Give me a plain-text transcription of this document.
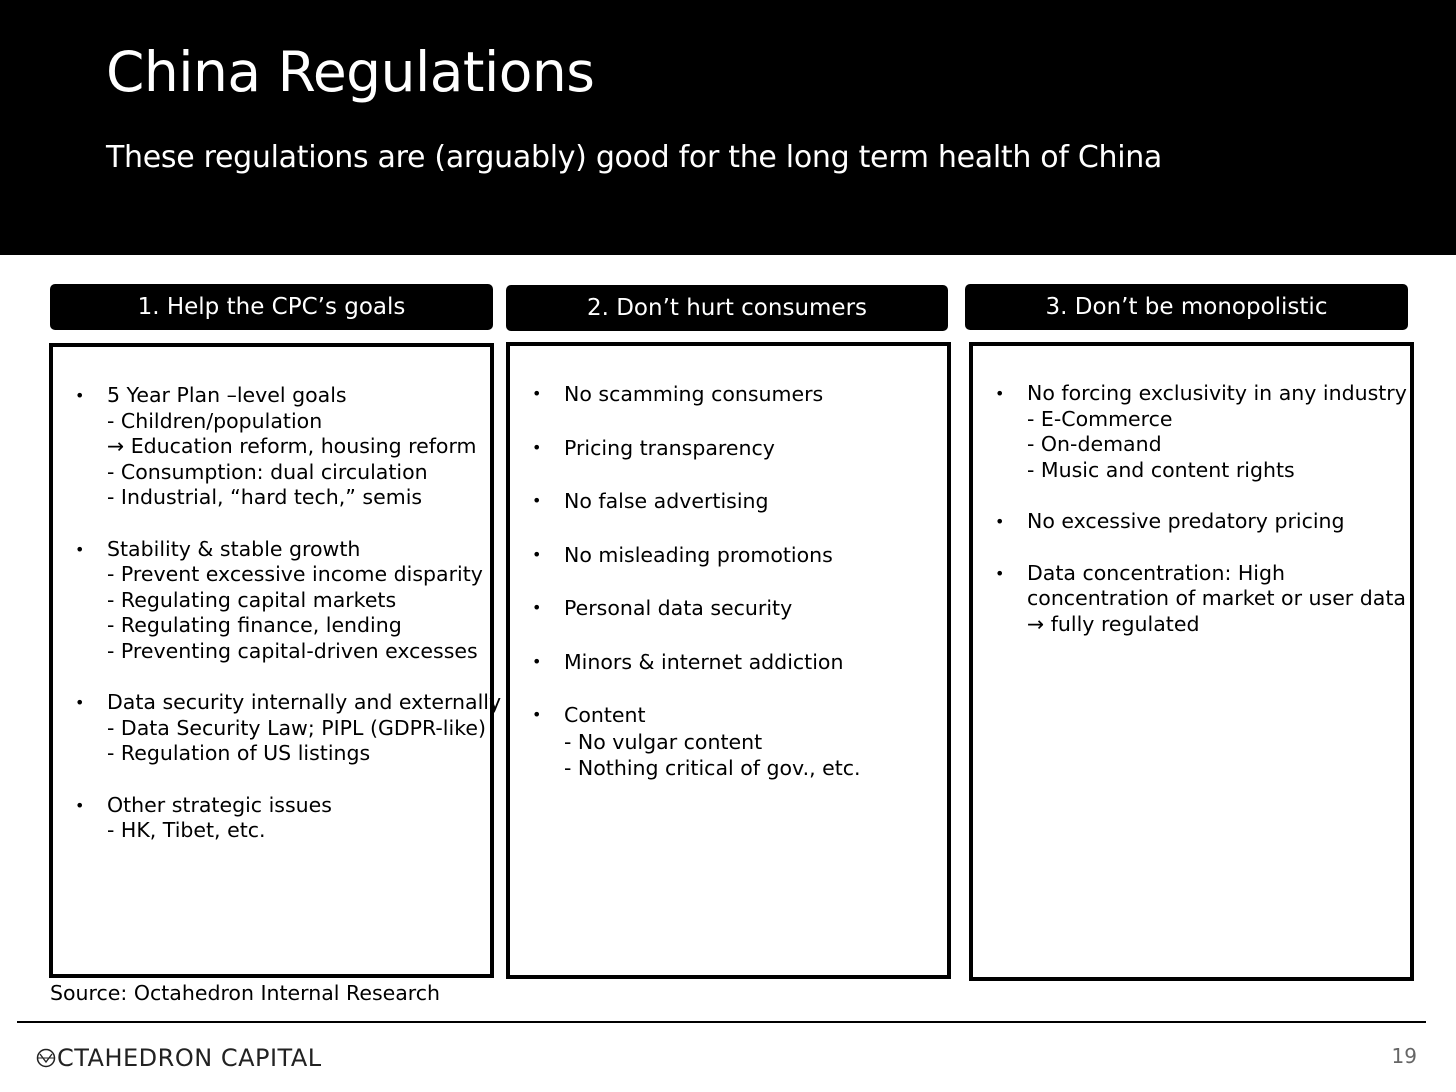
China Regulations

These regulations are (arguably) good for the long term health of China

1. Help the CPC’s goals	2. Don’t hurt consumers	3. Don’t be monopolistic
• 5 Year Plan –level goals
- Children/population
→ Education reform, housing reform
- Consumption: dual circulation
- Industrial, “hard tech,” semis
• Stability & stable growth
- Prevent excessive income disparity
- Regulating capital markets
- Regulating finance, lending
- Preventing capital-driven excesses
• Data security internally and externally
- Data Security Law; PIPL (GDPR-like)
- Regulation of US listings
• Other strategic issues
- HK, Tibet, etc.
• No scamming consumers
• Pricing transparency
• No false advertising
• No misleading promotions
• Personal data security
• Minors & internet addiction
• Content
- No vulgar content
- Nothing critical of gov., etc.
• No forcing exclusivity in any industry
- E-Commerce
- On-demand
- Music and content rights
• No excessive predatory pricing
• Data concentration: High
concentration of market or user data
→ fully regulated
Source: Octahedron Internal Research
CTAHEDRON CAPITAL	19
